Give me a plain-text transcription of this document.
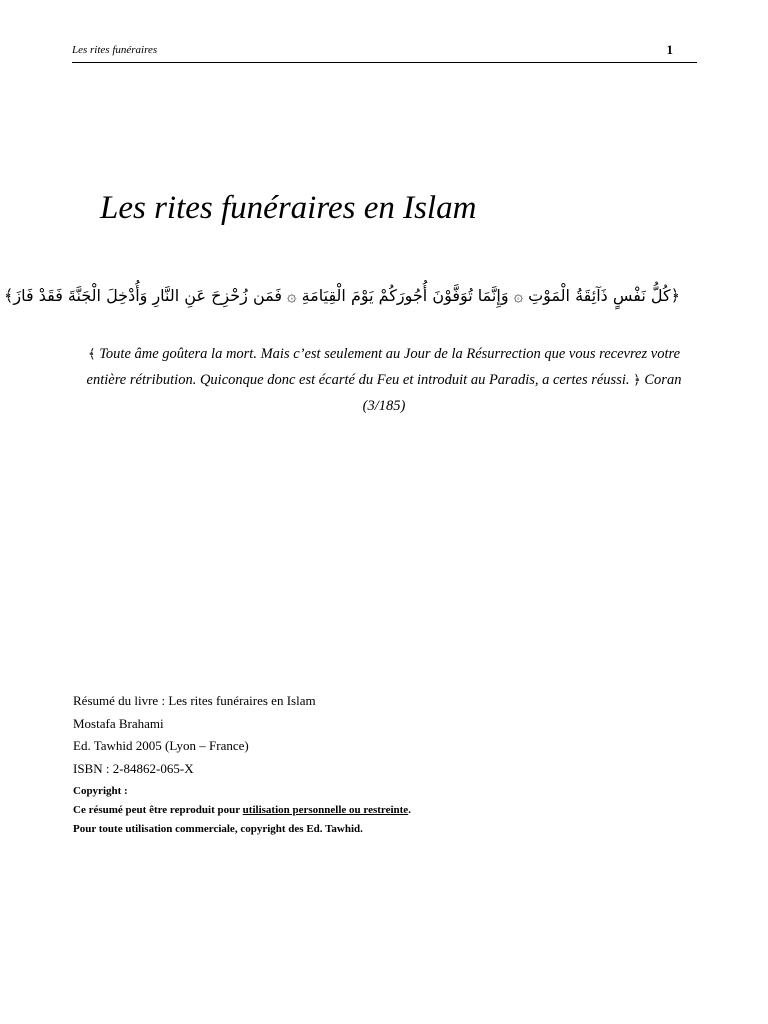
Les rites funéraires	1
Les rites funéraires en Islam
﴿كُلُّ نَفْسٍ ذَآئِقَةُ الْمَوْتِ ۞ وَإِنَّمَا تُوَفَّوْنَ أُجُورَكُمْ يَوْمَ الْقِيَامَةِ ۞ فَمَن زُحْزِحَ عَنِ النَّارِ وَأُدْخِلَ الْجَنَّةَ فَقَدْ فَازَ﴾
﴾ Toute âme goûtera la mort. Mais c’est seulement au Jour de la Résurrection que vous recevrez votre entière rétribution. Quiconque donc est écarté du Feu et introduit au Paradis, a certes réussi. ﴿ Coran (3/185)
Résumé du livre : Les rites funéraires en Islam
Mostafa Brahami
Ed. Tawhid 2005 (Lyon – France)
ISBN : 2-84862-065-X
Copyright :
Ce résumé peut être reproduit pour utilisation personnelle ou restreinte.
Pour toute utilisation commerciale, copyright des Ed. Tawhid.
